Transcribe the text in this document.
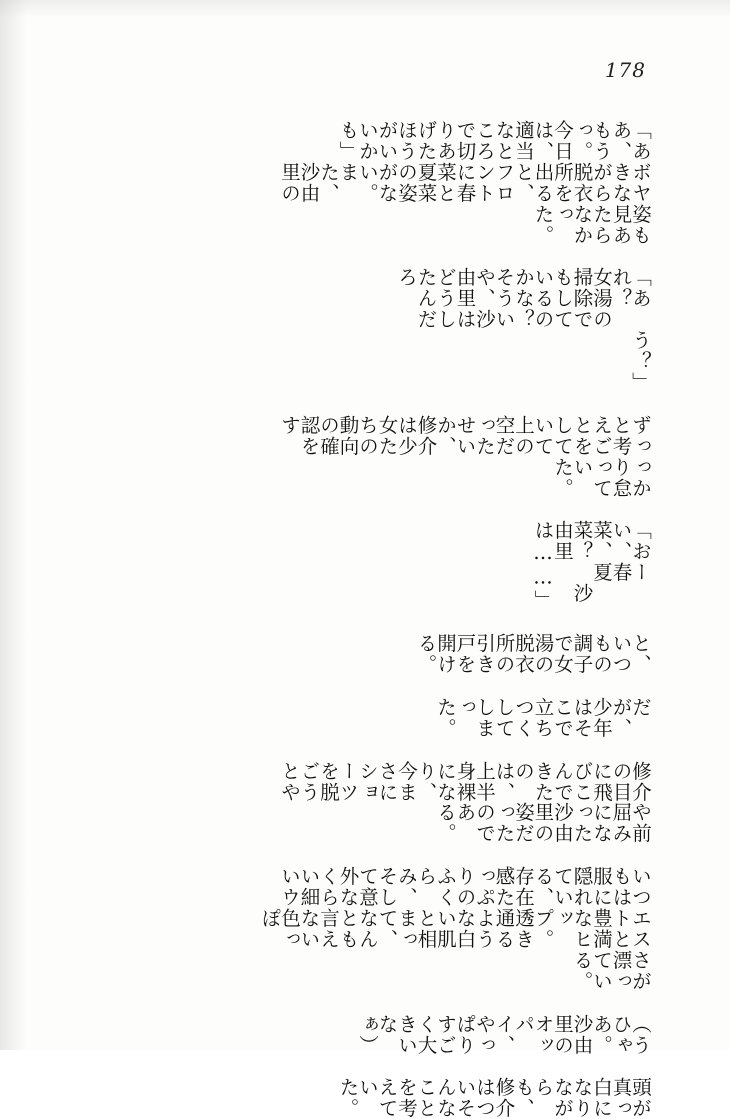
178
「ああ、もうっ。今日は、適当なところで切りあげたほうがいいかも」
ボヤきながら脱衣所を出ると、フロントに春菜と夏菜の姿がない。また、沙由里の
姿も見あたらなかった。
「あれ？　女湯の掃除でもしているのかな？　そういや、沙由里はどうしたんだろ
う？」
ずっと考えごとをしていて上の空だったせいか、修介は少女たちの動向の確認をす
っかり怠っていた。
「おーい、春菜、夏菜？　沙由里は……」
と、いつもの調子で女湯の脱衣所の引き戸を開ける。
だが、少年はそこで立ちつくしてしまった。
修介の目に飛びこんできたのは、上半身裸になり、今まさにショーツを脱ごうとや
や前屈みになった沙由里の姿だったのである。
いつもは服に隠れている、存在感たっぷりのふくらみ、そして意外なくらい細いウ
エストと豊満なヒップ。透き通るような白い肌と相まって、なんとも言えない色っぽ
さが漂っている。
（うひゃあ。沙由里のオッパイ、やっぱりすごく大きいなぁ）
頭が真っ白になりながらも、修介はついそんなことを考えていた。
